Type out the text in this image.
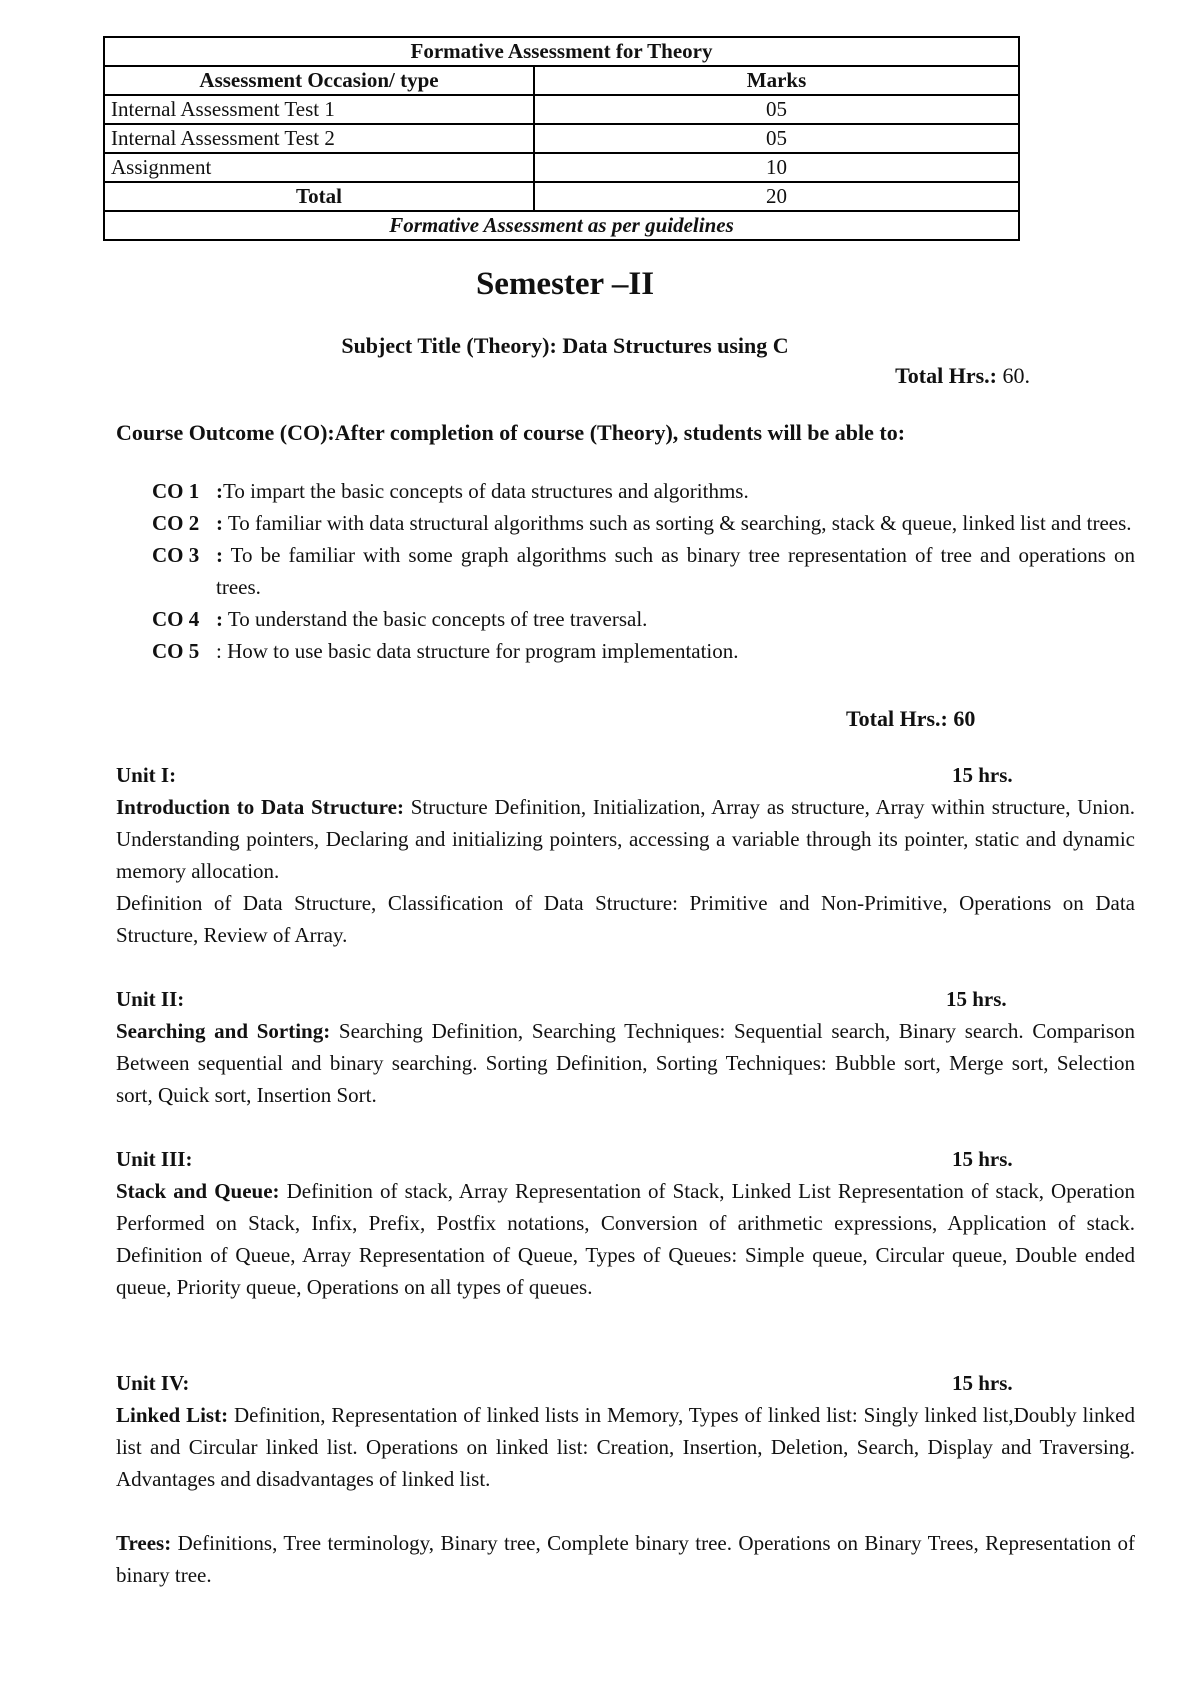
Formative Assessment for Theory	
Assessment Occasion/ type	Marks
Internal Assessment Test 1	05
Internal Assessment Test 2	05
Assignment	10
Total	20
Formative Assessment as per guidelines	
Semester –II
Subject Title (Theory): Data Structures using C
Total Hrs.: 60.
Course Outcome (CO):After completion of course (Theory), students will be able to:
CO 1 :To impart the basic concepts of data structures and algorithms.
CO 2 : To familiar with data structural algorithms such as sorting & searching, stack & queue, linked list and trees.
CO 3 : To be familiar with some graph algorithms such as binary tree representation of tree and operations on trees.
CO 4 : To understand the basic concepts of tree traversal.
CO 5 : How to use basic data structure for program implementation.
Total Hrs.: 60
Unit I:	15 hrs.

Introduction to Data Structure: Structure Definition, Initialization, Array as structure, Array within structure, Union. Understanding pointers, Declaring and initializing pointers, accessing a variable through its pointer, static and dynamic memory allocation.

Definition of Data Structure, Classification of Data Structure: Primitive and Non-Primitive, Operations on Data Structure, Review of Array.

Unit II:	15 hrs.

Searching and Sorting: Searching Definition, Searching Techniques: Sequential search, Binary search. Comparison Between sequential and binary searching. Sorting Definition, Sorting Techniques: Bubble sort, Merge sort, Selection sort, Quick sort, Insertion Sort.

Unit III:	15 hrs.

Stack and Queue: Definition of stack, Array Representation of Stack, Linked List Representation of stack, Operation Performed on Stack, Infix, Prefix, Postfix notations, Conversion of arithmetic expressions, Application of stack. Definition of Queue, Array Representation of Queue, Types of Queues: Simple queue, Circular queue, Double ended queue, Priority queue, Operations on all types of queues.

Unit IV:	15 hrs.

Linked List: Definition, Representation of linked lists in Memory, Types of linked list: Singly linked list,Doubly linked list and Circular linked list. Operations on linked list: Creation, Insertion, Deletion, Search, Display and Traversing. Advantages and disadvantages of linked list.

Trees: Definitions, Tree terminology, Binary tree, Complete binary tree. Operations on Binary Trees, Representation of binary tree.
